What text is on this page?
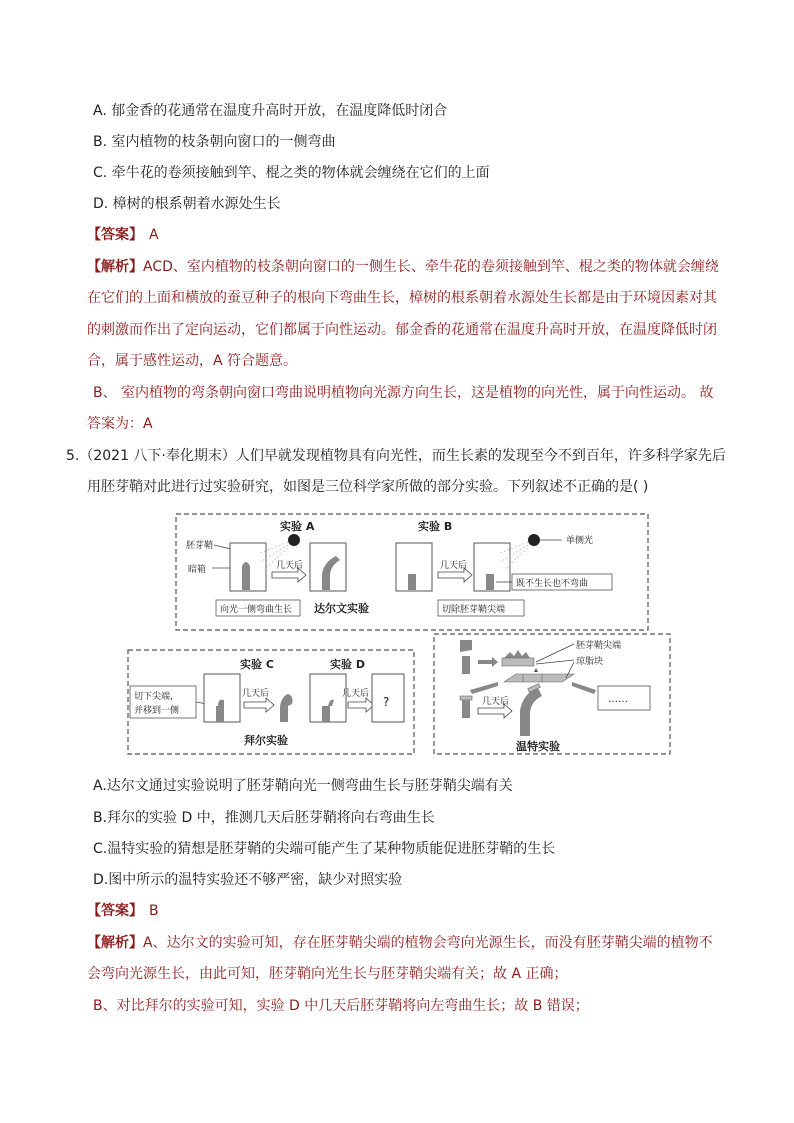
A. 郁金香的花通常在温度升高时开放，在温度降低时闭合
B. 室内植物的枝条朝向窗口的一侧弯曲
C. 牵牛花的卷须接触到竿、棍之类的物体就会缠绕在它们的上面
D. 樟树的根系朝着水源处生长
【答案】 A
【解析】ACD、室内植物的枝条朝向窗口的一侧生长、牵牛花的卷须接触到竿、棍之类的物体就会缠绕
在它们的上面和横放的蚕豆种子的根向下弯曲生长，樟树的根系朝着水源处生长都是由于环境因素对其
的刺激而作出了定向运动，它们都属于向性运动。郁金香的花通常在温度升高时开放，在温度降低时闭
合，属于感性运动，A 符合题意。
B、 室内植物的弯条朝向窗口弯曲说明植物向光源方向生长，这是植物的向光性，属于向性运动。 故
答案为：A
5.（2021 八下·奉化期末）人们早就发现植物具有向光性，而生长素的发现至今不到百年，许多科学家先后
用胚芽鞘对此进行过实验研究，如图是三位科学家所做的部分实验。下列叙述不正确的是( )
实验 A	实验 B
胚芽鞘
暗箱	几天后
向光一侧弯曲生长 达尔文实验
单侧光
几天后
既不生长也不弯曲
切除胚芽鞘尖端
实验 C	实验 D
切下尖端，
并移到一侧
几天后	几天后
?
拜尔实验
胚芽鞘尖端
琼脂块
几天后	……
温特实验
A.达尔文通过实验说明了胚芽鞘向光一侧弯曲生长与胚芽鞘尖端有关
B.拜尔的实验 D 中，推测几天后胚芽鞘将向右弯曲生长
C.温特实验的猜想是胚芽鞘的尖端可能产生了某种物质能促进胚芽鞘的生长
D.图中所示的温特实验还不够严密，缺少对照实验
【答案】 B
【解析】A、达尔文的实验可知，存在胚芽鞘尖端的植物会弯向光源生长，而没有胚芽鞘尖端的植物不
会弯向光源生长，由此可知，胚芽鞘向光生长与胚芽鞘尖端有关；故 A 正确；
B、对比拜尔的实验可知，实验 D 中几天后胚芽鞘将向左弯曲生长；故 B 错误；
